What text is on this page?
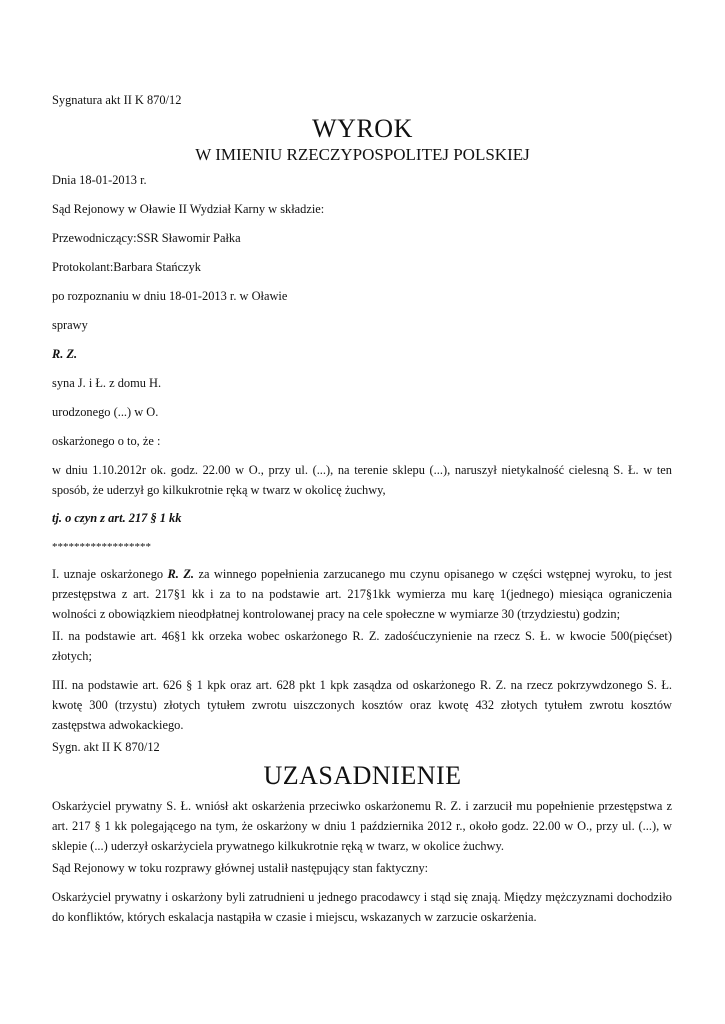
Sygnatura akt II K 870/12

WYROK
W IMIENIU RZECZYPOSPOLITEJ POLSKIEJ

Dnia 18-01-2013 r.

Sąd Rejonowy w Oławie II Wydział Karny w składzie:

Przewodniczący:SSR Sławomir Pałka

Protokolant:Barbara Stańczyk

po rozpoznaniu w dniu 18-01-2013 r. w Oławie

sprawy

R. Z.

syna J. i Ł. z domu H.

urodzonego (...) w O.

oskarżonego o to, że :

w dniu 1.10.2012r ok. godz. 22.00 w O., przy ul. (...), na terenie sklepu (...), naruszył nietykalność cielesną S. Ł. w ten sposób, że uderzył go kilkukrotnie ręką w twarz w okolicę żuchwy,

tj. o czyn z art. 217 § 1 kk

******************

I. uznaje oskarżonego R. Z. za winnego popełnienia zarzucanego mu czynu opisanego w części wstępnej wyroku, to jest przestępstwa z art. 217§1 kk i za to na podstawie art. 217§1kk wymierza mu karę 1(jednego) miesiąca ograniczenia wolności z obowiązkiem nieodpłatnej kontrolowanej pracy na cele społeczne w wymiarze 30 (trzydziestu) godzin;

II. na podstawie art. 46§1 kk orzeka wobec oskarżonego R. Z. zadośćuczynienie na rzecz S. Ł. w kwocie 500(pięćset) złotych;

III. na podstawie art. 626 § 1 kpk oraz art. 628 pkt 1 kpk zasądza od oskarżonego R. Z. na rzecz pokrzywdzonego S. Ł. kwotę 300 (trzystu) złotych tytułem zwrotu uiszczonych kosztów oraz kwotę 432 złotych tytułem zwrotu kosztów zastępstwa adwokackiego.

Sygn. akt II K 870/12

UZASADNIENIE

Oskarżyciel prywatny S. Ł. wniósł akt oskarżenia przeciwko oskarżonemu R. Z. i zarzucił mu popełnienie przestępstwa z art. 217 § 1 kk polegającego na tym, że oskarżony w dniu 1 października 2012 r., około godz. 22.00 w O., przy ul. (...), w sklepie (...) uderzył oskarżyciela prywatnego kilkukrotnie ręką w twarz, w okolice żuchwy.

Sąd Rejonowy w toku rozprawy głównej ustalił następujący stan faktyczny:

Oskarżyciel prywatny i oskarżony byli zatrudnieni u jednego pracodawcy i stąd się znają. Między mężczyznami dochodziło do konfliktów, których eskalacja nastąpiła w czasie i miejscu, wskazanych w zarzucie oskarżenia.
